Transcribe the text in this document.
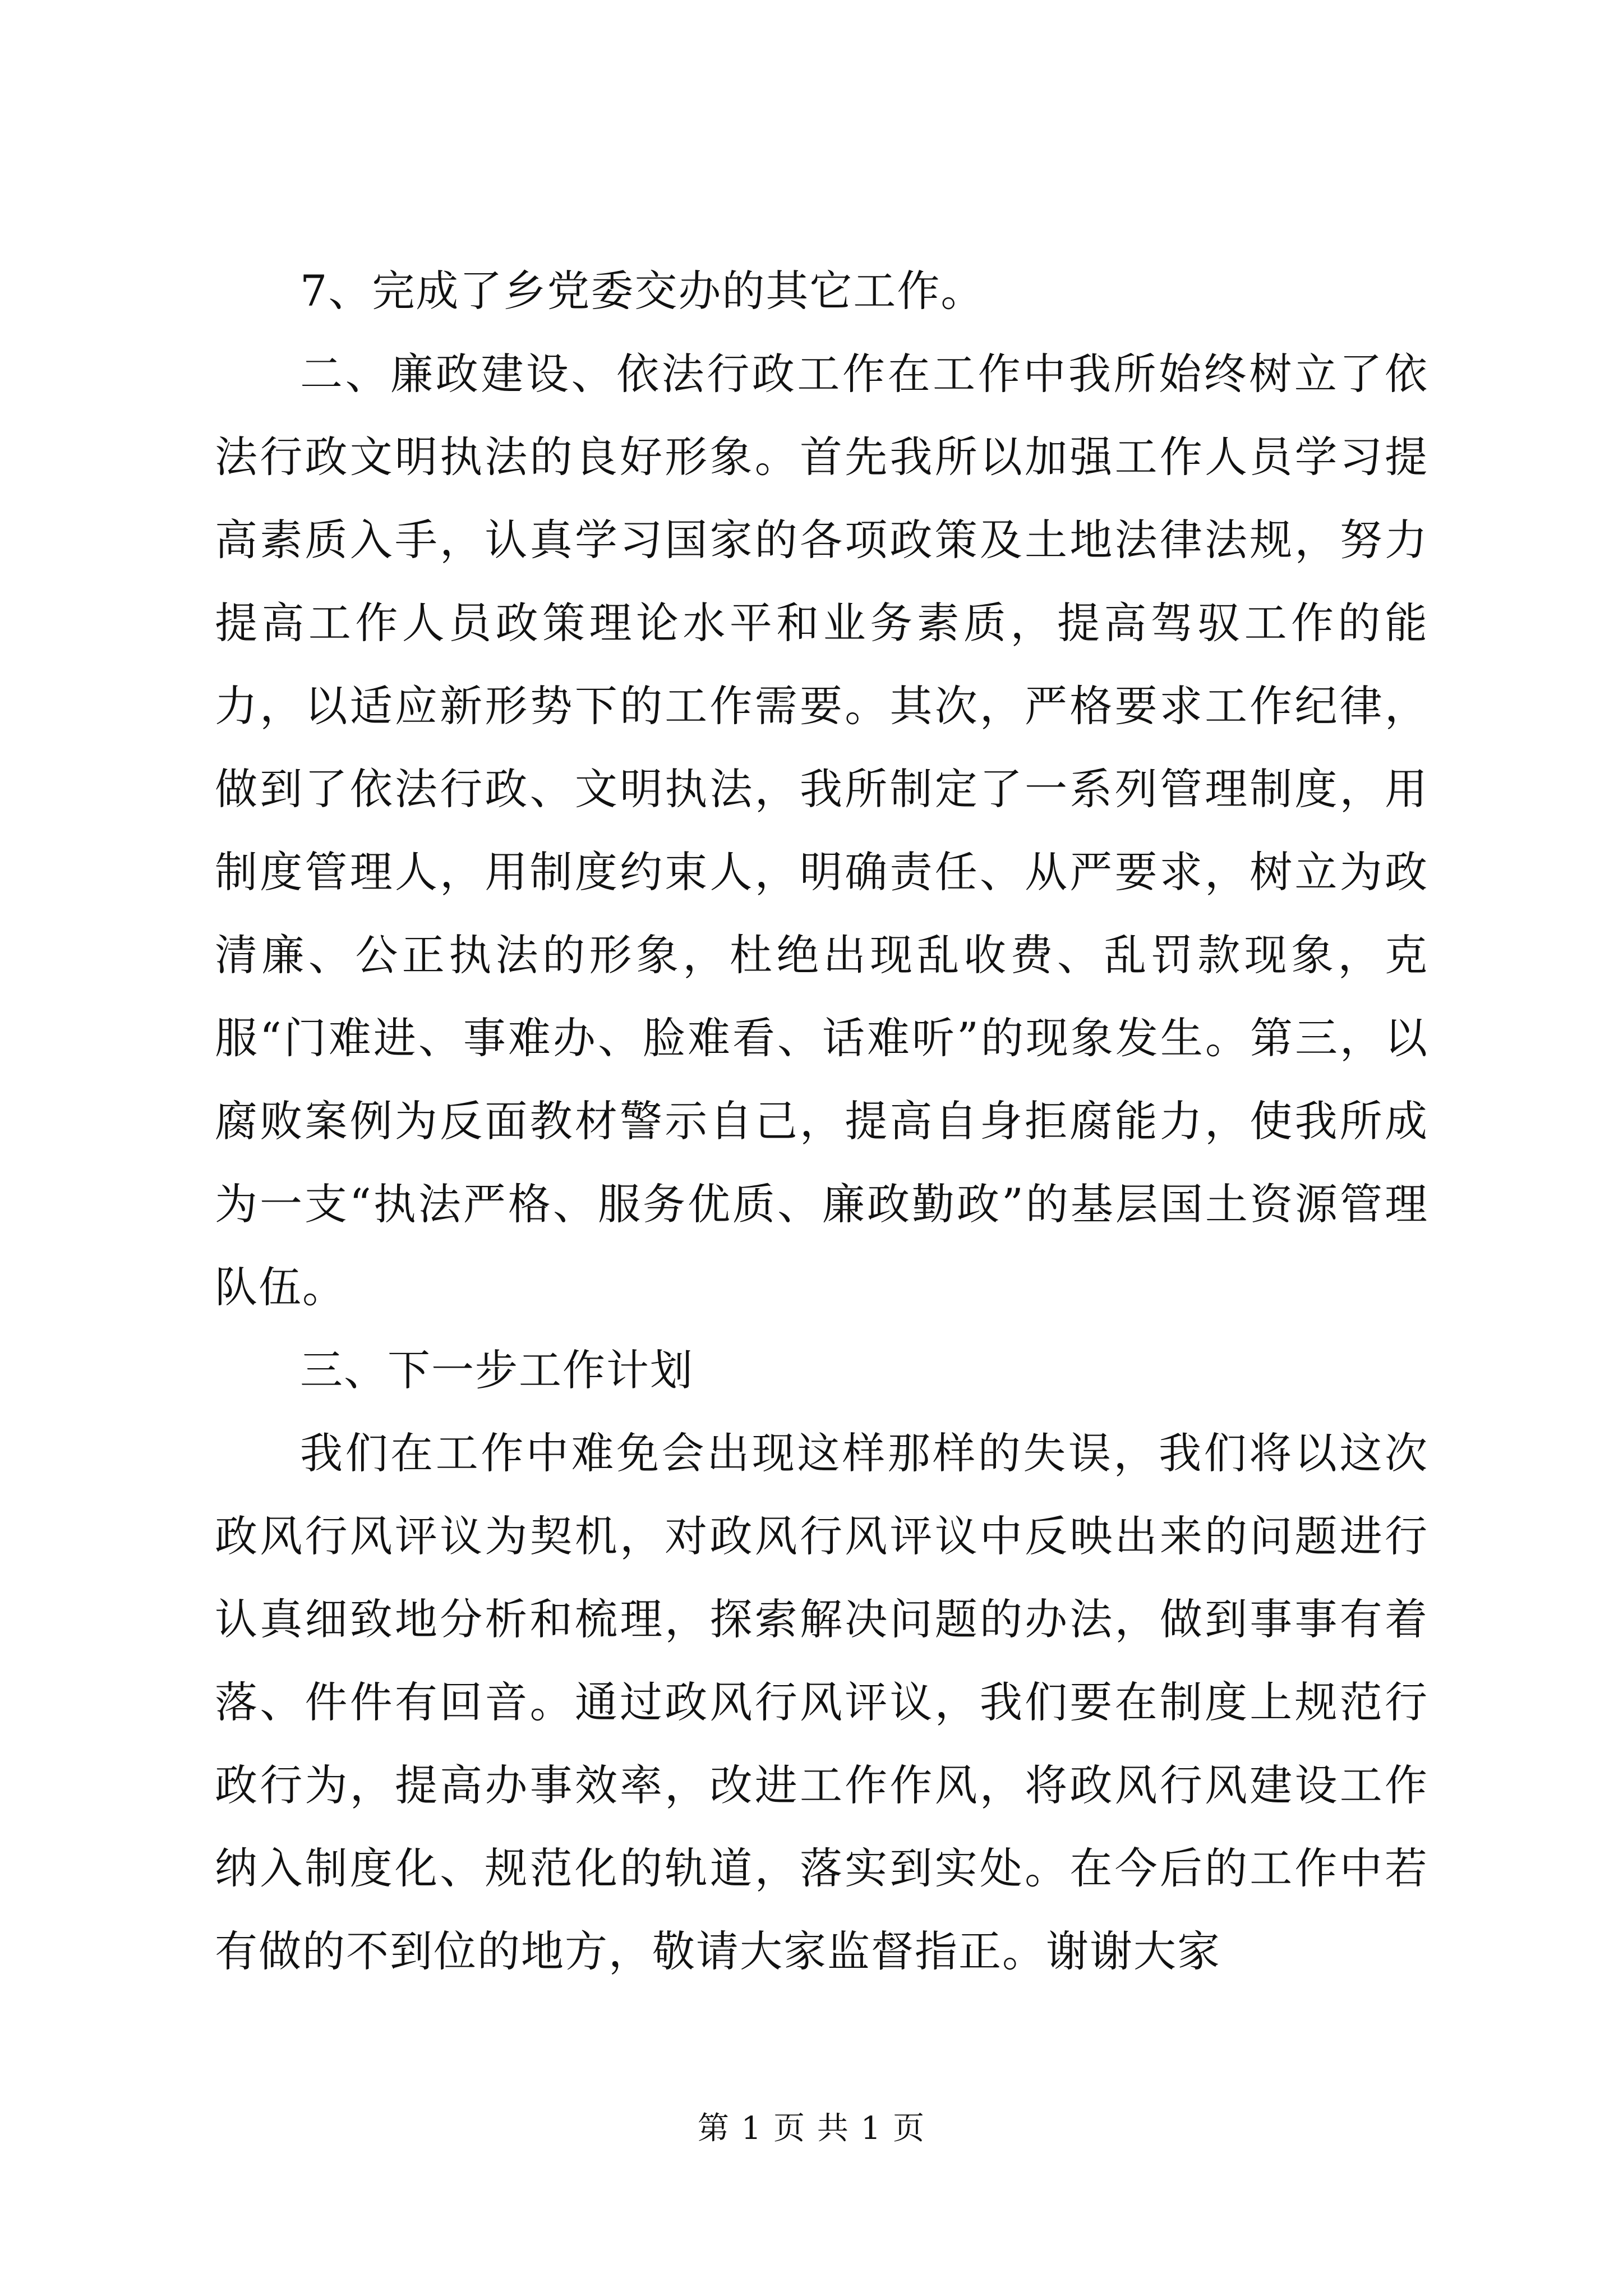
7、完成了乡党委交办的其它工作。

二、廉政建设、依法行政工作在工作中我所始终树立了依法行政文明执法的良好形象。首先我所以加强工作人员学习提高素质入手，认真学习国家的各项政策及土地法律法规，努力提高工作人员政策理论水平和业务素质，提高驾驭工作的能力，以适应新形势下的工作需要。其次，严格要求工作纪律，做到了依法行政、文明执法，我所制定了一系列管理制度，用制度管理人，用制度约束人，明确责任、从严要求，树立为政清廉、公正执法的形象，杜绝出现乱收费、乱罚款现象，克服“门难进、事难办、脸难看、话难听”的现象发生。第三，以腐败案例为反面教材警示自己，提高自身拒腐能力，使我所成为一支“执法严格、服务优质、廉政勤政”的基层国土资源管理队伍。

三、下一步工作计划

我们在工作中难免会出现这样那样的失误，我们将以这次政风行风评议为契机，对政风行风评议中反映出来的问题进行认真细致地分析和梳理，探索解决问题的办法，做到事事有着落、件件有回音。通过政风行风评议，我们要在制度上规范行政行为，提高办事效率，改进工作作风，将政风行风建设工作纳入制度化、规范化的轨道，落实到实处。在今后的工作中若有做的不到位的地方，敬请大家监督指正。谢谢大家

第 1 页 共 1 页
